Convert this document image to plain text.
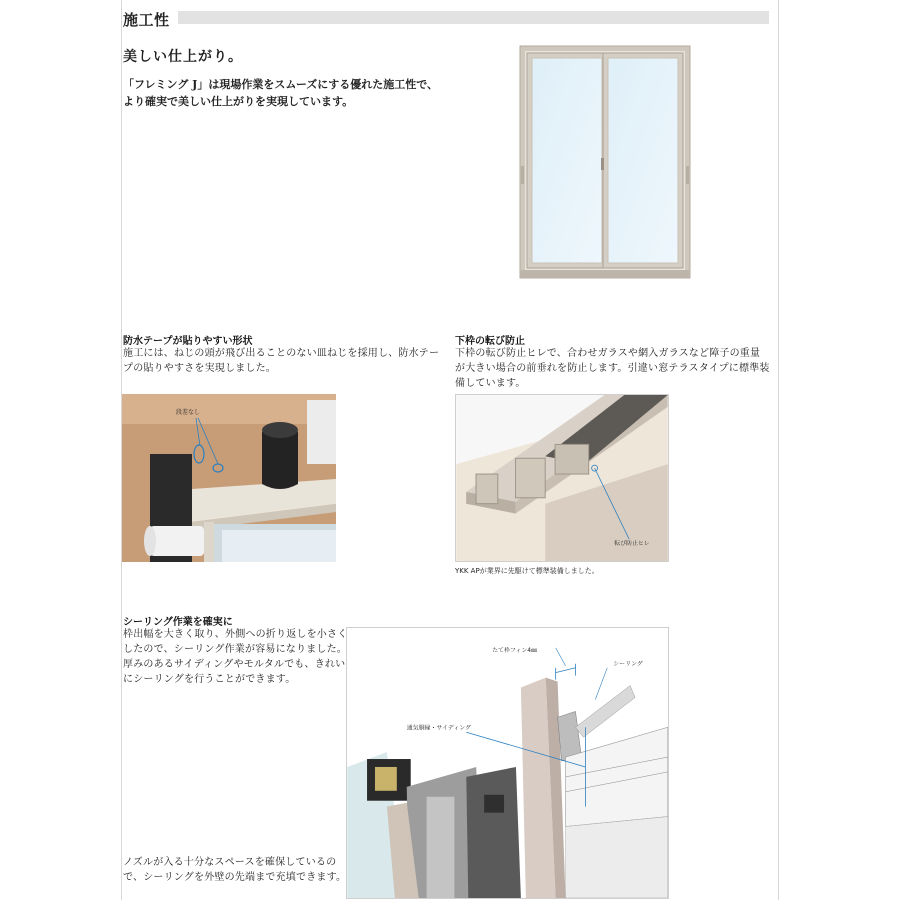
施工性
美しい仕上がり。
「フレミング J」は現場作業をスムーズにする優れた施工性で、
より確実で美しい仕上がりを実現しています。
防水テープが貼りやすい形状
施工には、ねじの頭が飛び出ることのない皿ねじを採用し、防水テー
プの貼りやすさを実現しました。
段差なし
下枠の転び防止
下枠の転び防止ヒレで、合わせガラスや網入ガラスなど障子の重量
が大きい場合の前垂れを防止します。引違い窓テラスタイプに標準装
備しています。
転び防止ヒレ
YKK APが業界に先駆けて標準装備しました。
シーリング作業を確実に
枠出幅を大きく取り、外側への折り返しを小さく
したので、シーリング作業が容易になりました。
厚みのあるサイディングやモルタルでも、きれい
にシーリングを行うことができます。
ノズルが入る十分なスペースを確保しているの
で、シーリングを外壁の先端まで充填できます。
たて枠フィン4㎜
シーリング
通気胴縁・サイディング
